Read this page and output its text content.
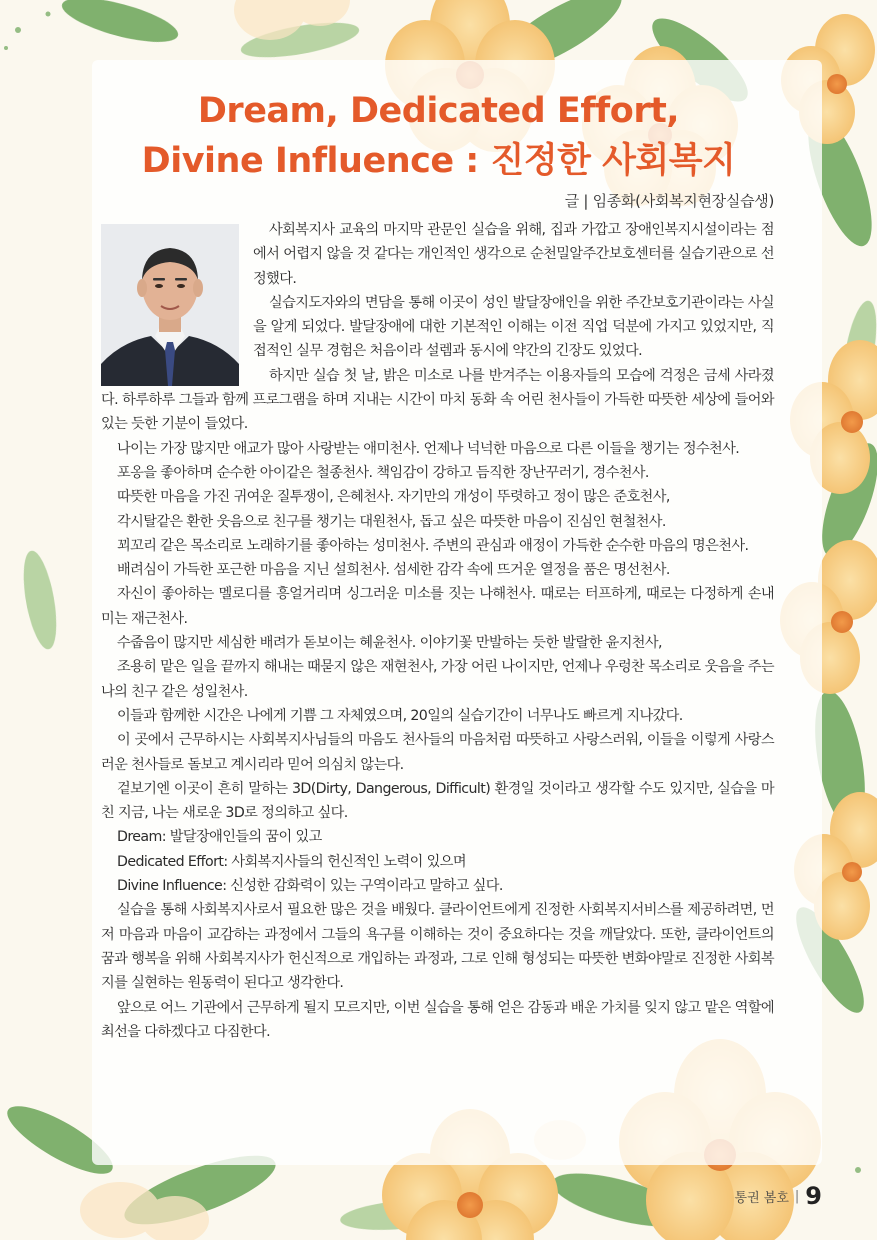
Dream, Dedicated Effort,
Divine Influence : 진정한 사회복지
글 | 임종화(사회복지현장실습생)

사회복지사 교육의 마지막 관문인 실습을 위해, 집과 가깝고 장애인복지시설이라는 점에서 어렵지 않을 것 같다는 개인적인 생각으로 순천밀알주간보호센터를 실습기관으로 선정했다.

실습지도자와의 면담을 통해 이곳이 성인 발달장애인을 위한 주간보호기관이라는 사실을 알게 되었다. 발달장애에 대한 기본적인 이해는 이전 직업 덕분에 가지고 있었지만, 직접적인 실무 경험은 처음이라 설렘과 동시에 약간의 긴장도 있었다.

하지만 실습 첫 날, 밝은 미소로 나를 반겨주는 이용자들의 모습에 걱정은 금세 사라졌다. 하루하루 그들과 함께 프로그램을 하며 지내는 시간이 마치 동화 속 어린 천사들이 가득한 따뜻한 세상에 들어와 있는 듯한 기분이 들었다.

나이는 가장 많지만 애교가 많아 사랑받는 애미천사. 언제나 넉넉한 마음으로 다른 이들을 챙기는 정수천사.

포옹을 좋아하며 순수한 아이같은 철종천사. 책임감이 강하고 듬직한 장난꾸러기, 경수천사.

따뜻한 마음을 가진 귀여운 질투쟁이, 은혜천사. 자기만의 개성이 뚜렷하고 정이 많은 준호천사,

각시탈같은 환한 웃음으로 친구를 챙기는 대원천사, 돕고 싶은 따뜻한 마음이 진심인 현철천사.

꾀꼬리 같은 목소리로 노래하기를 좋아하는 성미천사. 주변의 관심과 애정이 가득한 순수한 마음의 명은천사.

배려심이 가득한 포근한 마음을 지닌 설희천사. 섬세한 감각 속에 뜨거운 열정을 품은 명선천사.

자신이 좋아하는 멜로디를 흥얼거리며 싱그러운 미소를 짓는 나해천사. 때로는 터프하게, 때로는 다정하게 손내미는 재근천사.

수줍음이 많지만 세심한 배려가 돋보이는 혜윤천사. 이야기꽃 만발하는 듯한 발랄한 윤지천사,

조용히 맡은 일을 끝까지 해내는 때묻지 않은 재현천사, 가장 어린 나이지만, 언제나 우렁찬 목소리로 웃음을 주는 나의 친구 같은 성일천사.

이들과 함께한 시간은 나에게 기쁨 그 자체였으며, 20일의 실습기간이 너무나도 빠르게 지나갔다.

이 곳에서 근무하시는 사회복지사님들의 마음도 천사들의 마음처럼 따뜻하고 사랑스러워, 이들을 이렇게 사랑스러운 천사들로 돌보고 계시리라 믿어 의심치 않는다.

겉보기엔 이곳이 흔히 말하는 3D(Dirty, Dangerous, Difficult) 환경일 것이라고 생각할 수도 있지만, 실습을 마친 지금, 나는 새로운 3D로 정의하고 싶다.

Dream: 발달장애인들의 꿈이 있고

Dedicated Effort: 사회복지사들의 헌신적인 노력이 있으며

Divine Influence: 신성한 감화력이 있는 구역이라고 말하고 싶다.

실습을 통해 사회복지사로서 필요한 많은 것을 배웠다. 클라이언트에게 진정한 사회복지서비스를 제공하려면, 먼저 마음과 마음이 교감하는 과정에서 그들의 욕구를 이해하는 것이 중요하다는 것을 깨달았다. 또한, 클라이언트의 꿈과 행복을 위해 사회복지사가 헌신적으로 개입하는 과정과, 그로 인해 형성되는 따뜻한 변화야말로 진정한 사회복지를 실현하는 원동력이 된다고 생각한다.

앞으로 어느 기관에서 근무하게 될지 모르지만, 이번 실습을 통해 얻은 감동과 배운 가치를 잊지 않고 맡은 역할에 최선을 다하겠다고 다짐한다.

통권 봄호 | 9
